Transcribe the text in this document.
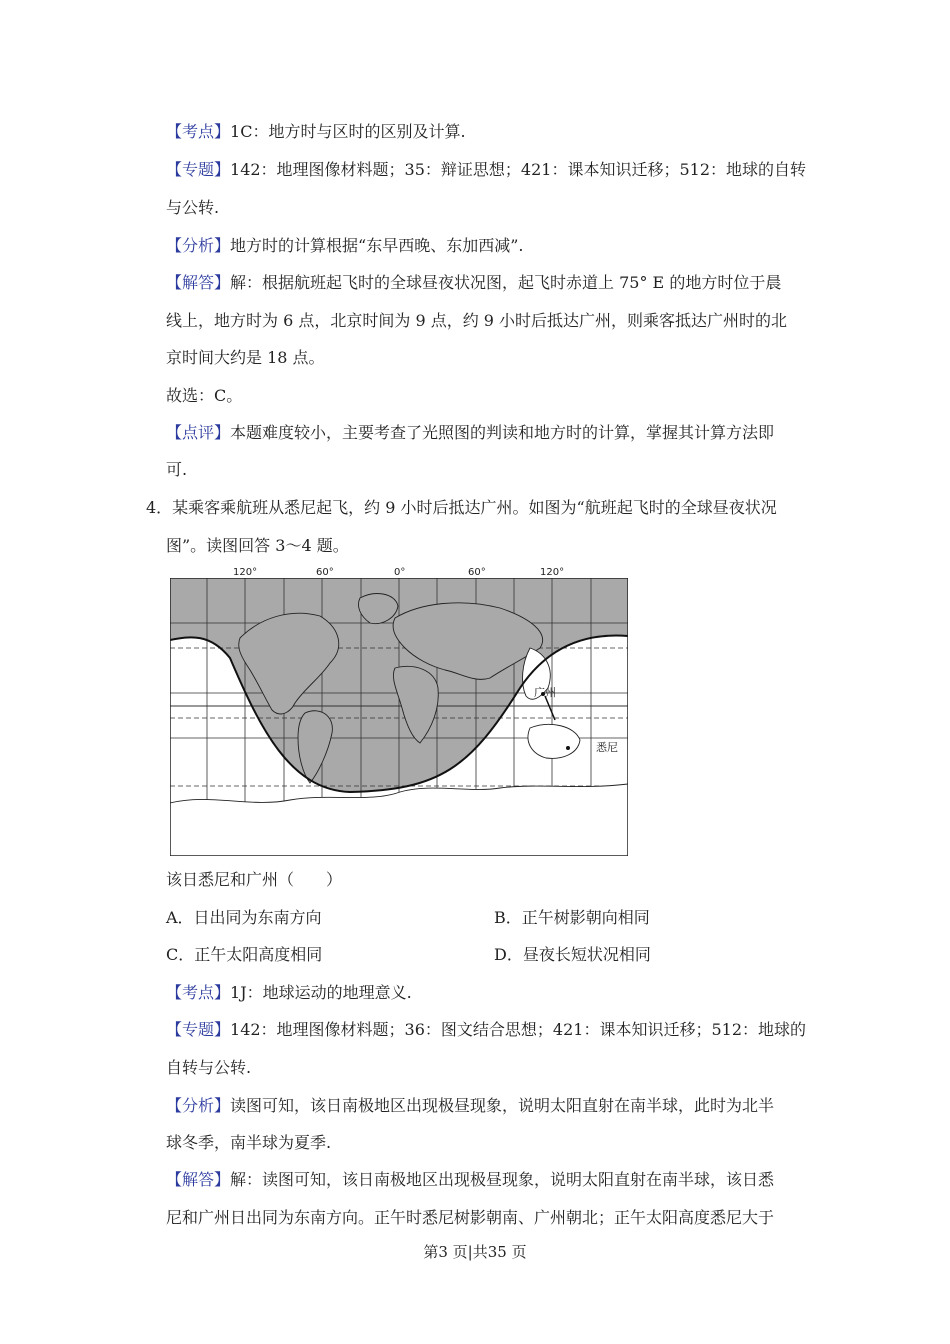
【考点】1C：地方时与区时的区别及计算.
【专题】142：地理图像材料题；35：辩证思想；421：课本知识迁移；512：地球的自转
与公转.
【分析】地方时的计算根据“东早西晚、东加西减”.
【解答】解：根据航班起飞时的全球昼夜状况图，起飞时赤道上 75° E 的地方时位于晨
线上，地方时为 6 点，北京时间为 9 点，约 9 小时后抵达广州，则乘客抵达广州时的北
京时间大约是 18 点。
故选：C。
【点评】本题难度较小，主要考查了光照图的判读和地方时的计算，掌握其计算方法即
可.
4．某乘客乘航班从悉尼起飞，约 9 小时后抵达广州。如图为“航班起飞时的全球昼夜状况
图”。读图回答 3～4 题。
120°	60°	0°	60°	120°
广州
悉尼
该日悉尼和广州（　　）
A．日出同为东南方向	B．正午树影朝向相同
C．正午太阳高度相同	D．昼夜长短状况相同
【考点】1J：地球运动的地理意义.
【专题】142：地理图像材料题；36：图文结合思想；421：课本知识迁移；512：地球的
自转与公转.
【分析】读图可知，该日南极地区出现极昼现象，说明太阳直射在南半球，此时为北半
球冬季，南半球为夏季.
【解答】解：读图可知，该日南极地区出现极昼现象，说明太阳直射在南半球，该日悉
尼和广州日出同为东南方向。正午时悉尼树影朝南、广州朝北；正午太阳高度悉尼大于
第3 页|共35 页
